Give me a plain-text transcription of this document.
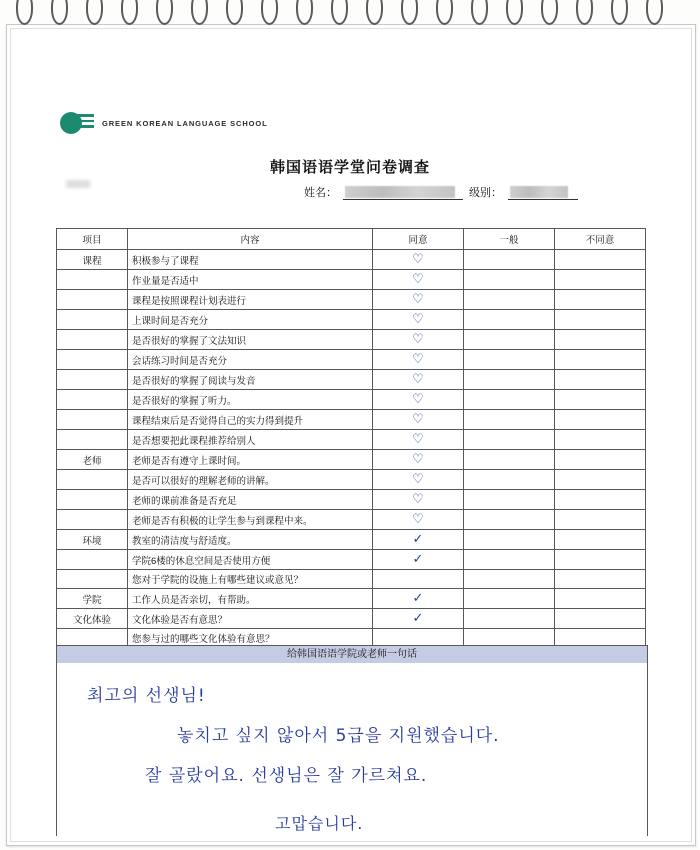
GREEN KOREAN LANGUAGE SCHOOL
韩国语语学堂问卷调查
姓名：	级别：
项目	内容	同意	一般	不同意
课程	积极参与了课程	♡		
	作业量是否适中	♡		
	课程是按照课程计划表进行	♡		
	上课时间是否充分	♡		
	是否很好的掌握了文法知识	♡		
	会话练习时间是否充分	♡		
	是否很好的掌握了阅读与发音	♡		
	是否很好的掌握了听力。	♡		
	课程结束后是否觉得自己的实力得到提升	♡		
	是否想要把此课程推荐给别人	♡		
老师	老师是否有遵守上课时间。	♡		
	是否可以很好的理解老师的讲解。	♡		
	老师的课前准备是否充足	♡		
	老师是否有积极的让学生参与到课程中来。	♡		
环境	教室的清洁度与舒适度。	✓		
	学院6楼的休息空间是否使用方便	✓		
	您对于学院的设施上有哪些建议或意见？			
学院	工作人员是否亲切，有帮助。	✓		
文化体验	文化体验是否有意思？	✓		
	您参与过的哪些文化体验有意思？			

给韩国语语学院或老师一句话
최고의 선생님!
놓치고 싶지 않아서 5급을 지원했습니다.
잘 골랐어요. 선생님은 잘 가르쳐요.
고맙습니다.
